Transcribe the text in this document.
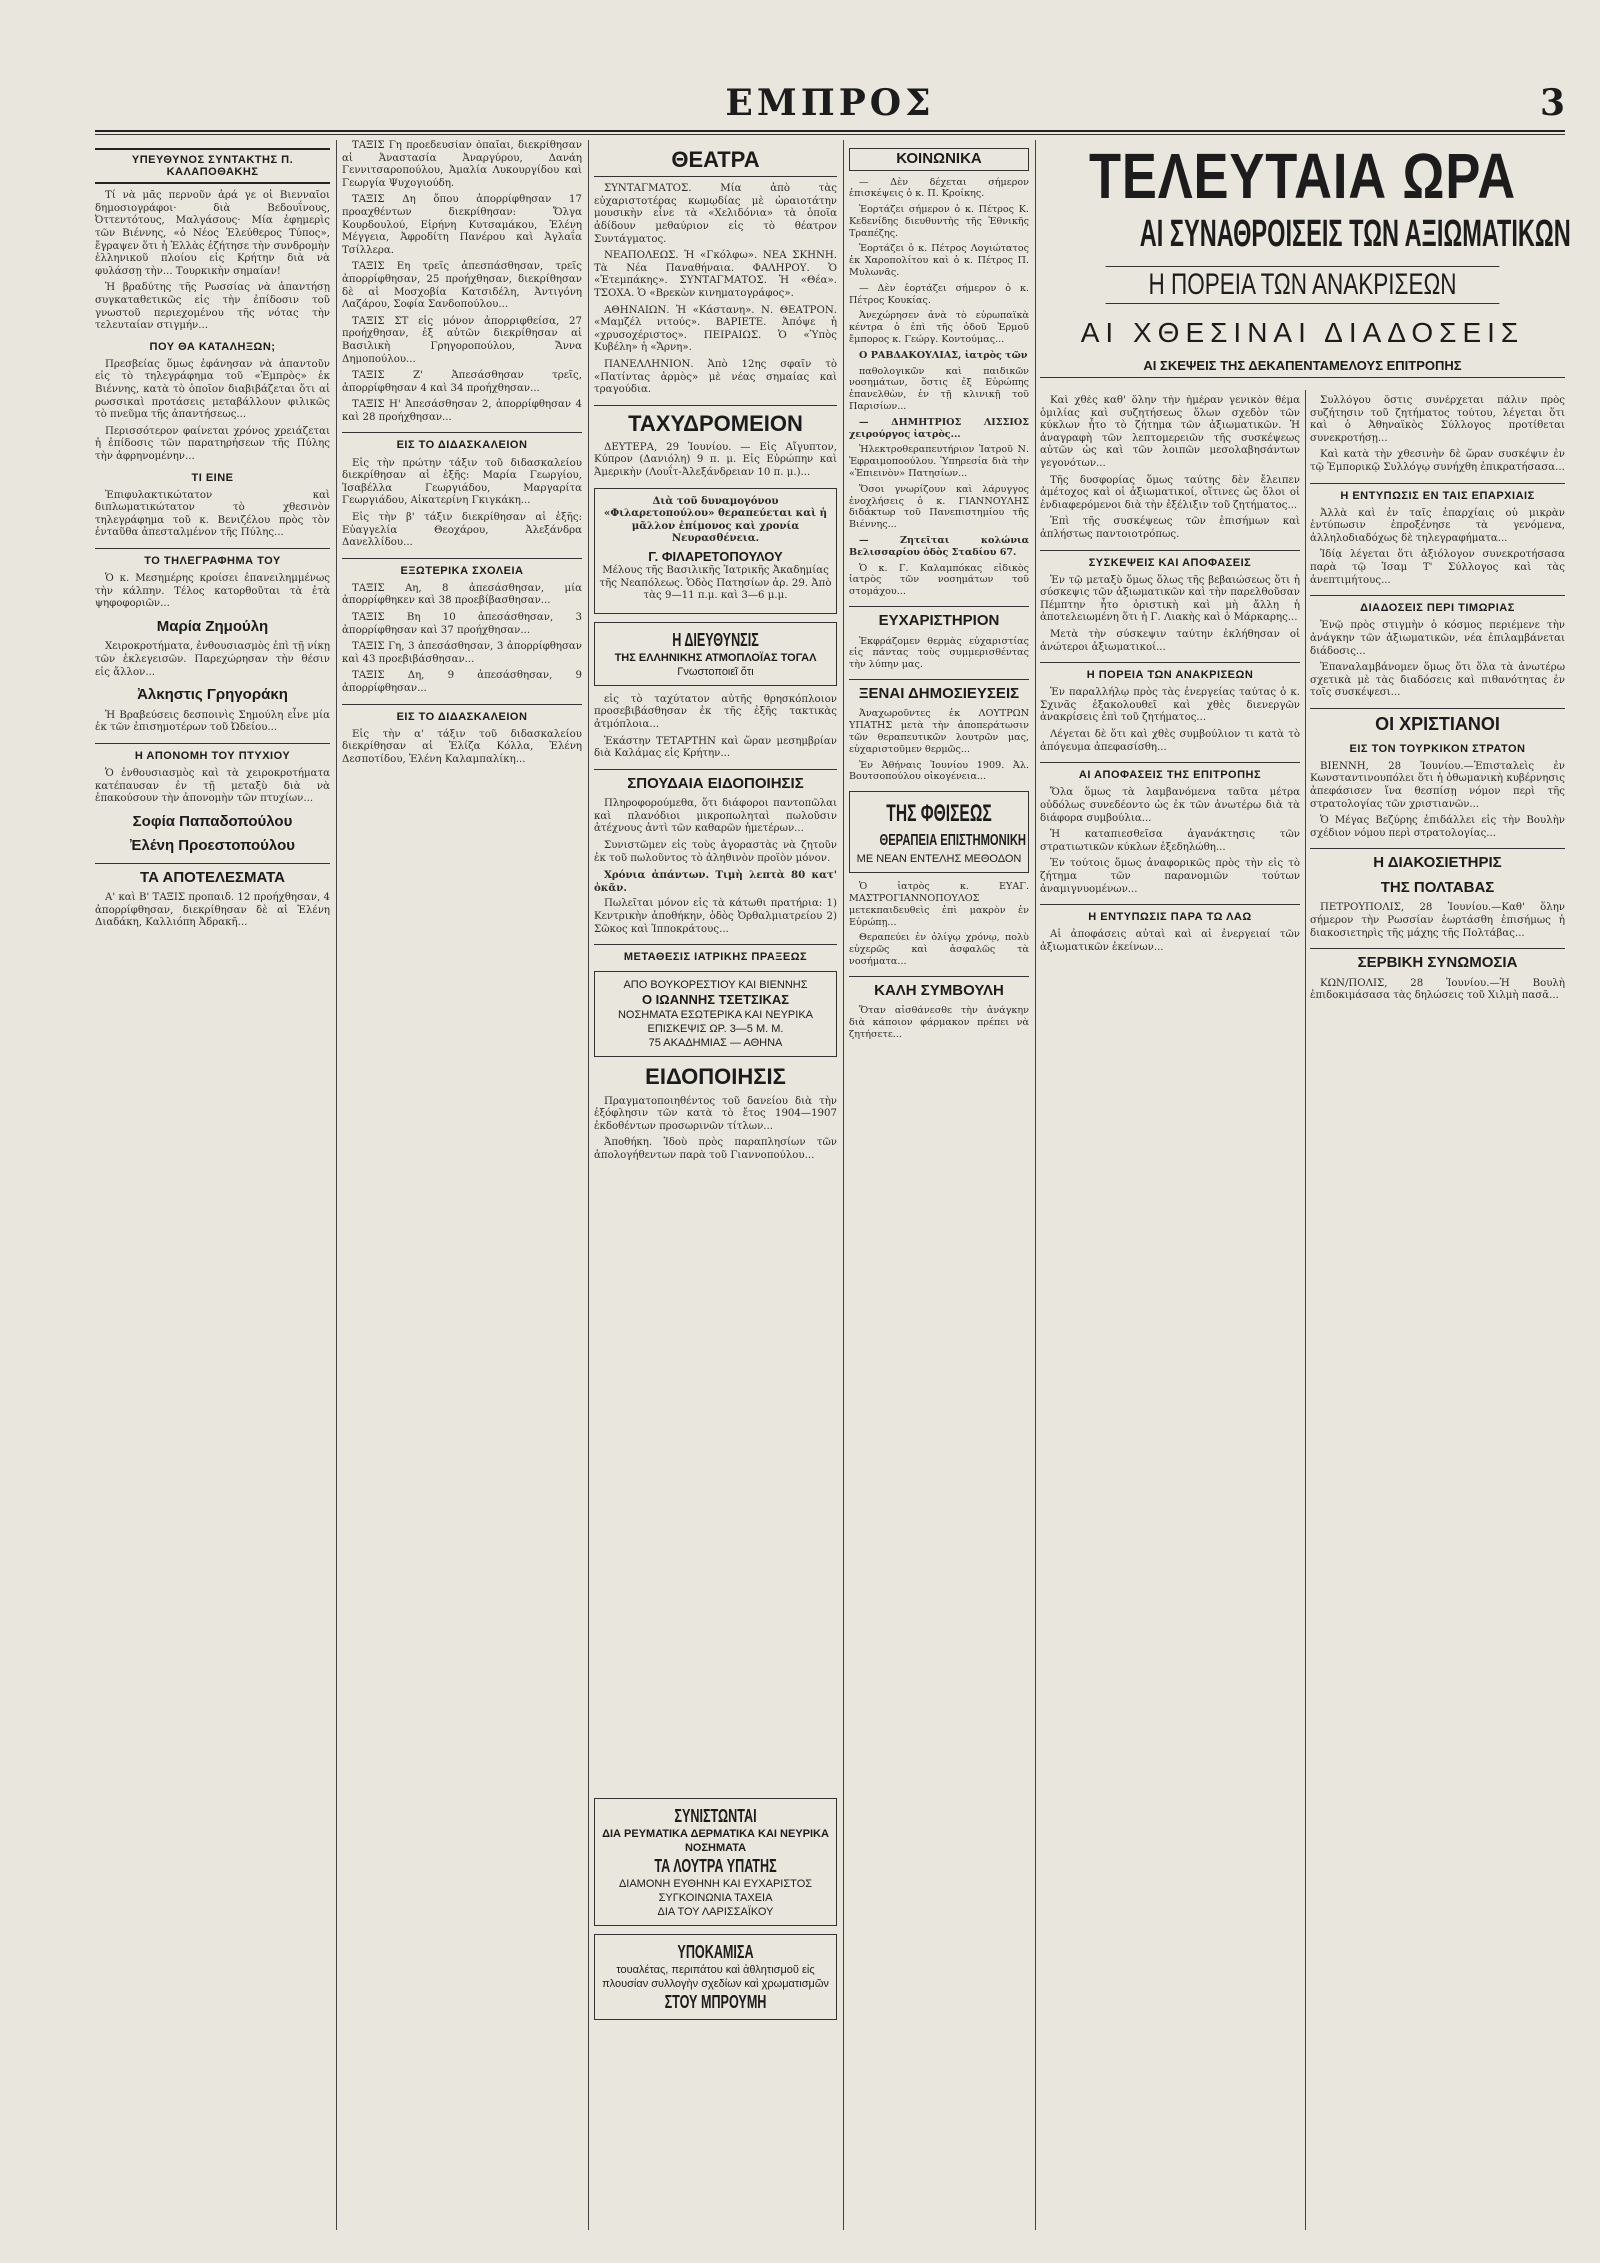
ΕΜΠΡΟΣ	3
ΥΠΕΥΘΥΝΟΣ ΣΥΝΤΑΚΤΗΣ Π. ΚΑΛΑΠΟΘΑΚΗΣ

Τί νὰ μᾶς περνοῦν ἀρά γε οἱ Βιενναῖοι δημοσιογράφοι· διὰ Βεδουΐνους, Ὀττεντότους, Μαλγάσους· Μία ἐφημερὶς τῶν Βιέννης, «ὁ Νέος Ἐλεύθερος Τύπος», ἔγραψεν ὅτι ἡ Ἑλλὰς ἐζήτησε τὴν συνδρομὴν ἑλληνικοῦ πλοίου εἰς Κρήτην διὰ νὰ φυλάσσῃ τὴν... Τουρκικὴν σημαίαν!

Ἡ βραδύτης τῆς Ρωσσίας νὰ ἀπαντήσῃ συγκαταθετικῶς εἰς τὴν ἐπίδοσιν τοῦ γνωστοῦ περιεχομένου τῆς νότας τὴν τελευταίαν στιγμήν...

ΠΟΥ ΘΑ ΚΑΤΑΛΗΞΩΝ;

Πρεσβείας ὅμως ἐφάνησαν νὰ ἀπαντοῦν εἰς τὸ τηλεγράφημα τοῦ «Ἐμπρὸς» ἐκ Βιέννης, κατὰ τὸ ὁποῖον διαβιβάζεται ὅτι αἱ ρωσσικαὶ προτάσεις μεταβάλλουν φιλικῶς τὸ πνεῦμα τῆς ἀπαντήσεως...

Περισσότερον φαίνεται χρόνος χρειάζεται ἡ ἐπίδοσις τῶν παρατηρήσεων τῆς Πύλης τὴν ἀφρηνομένην...

ΤΙ ΕΙΝΕ

Ἐπιφυλακτικώτατον καὶ διπλωματικώτατον τὸ χθεσινὸν τηλεγράφημα τοῦ κ. Βενιζέλου πρὸς τὸν ἐνταῦθα ἀπεσταλμένον τῆς Πύλης...

ΤΟ ΤΗΛΕΓΡΑΦΗΜΑ ΤΟΥ

Ὁ κ. Μεσημέρης κροίσει ἐπανειλημμένως τὴν κάλπην. Τέλος κατορθοῦται τὰ ἐτὰ ψηφοφοριῶν...

Μαρία Ζημούλη

Χειροκροτήματα, ἐνθουσιασμὸς ἐπὶ τῇ νίκῃ τῶν ἐκλεγεισῶν. Παρεχώρησαν τὴν θέσιν εἰς ἄλλον...

Ἀλκηστις Γρηγοράκη

Ἡ Βραβεύσεις δεσποινὶς Σημούλη εἶνε μία ἐκ τῶν ἐπισημοτέρων τοῦ Ὠδείου...

Η ΑΠΟΝΟΜΗ ΤΟΥ ΠΤΥΧΙΟΥ

Ὁ ἐνθουσιασμὸς καὶ τὰ χειροκροτήματα κατέπαυσαν ἐν τῇ μεταξὺ διὰ νὰ ἐπακούσουν τὴν ἀπονομὴν τῶν πτυχίων...

Σοφία Παπαδοπούλου
Ἐλένη Προεστοπούλου
ΤΑ ΑΠΟΤΕΛΕΣΜΑΤΑ

Α' καὶ Β' ΤΑΞΙΣ προπαιδ. 12 προήχθησαν, 4 ἀπορρίφθησαν, διεκρίθησαν δὲ αἱ Ἑλένη Διαδάκη, Καλλιόπη Ἀδρακῆ...

ΤΑΞΙΣ Γη προεδευσίαν ὁπαῖαι, διεκρίθησαν αἱ Ἀναστασία Ἀναργύρου, Δανάη Γεννιτσαροπούλου, Ἀμαλία Λυκουργίδου καὶ Γεωργία Ψυχογιούδη.

ΤΑΞΙΣ Δη ὄπου ἀπορρίφθησαν 17 προαχθέντων διεκρίθησαν: Ὄλγα Κουρδουλού, Εἰρήνη Κυτσαμάκου, Ἑλένη Μέγγεια, Ἀφροδίτη Πανέρου καὶ Ἀγλαΐα Τσίλλερα.

ΤΑΞΙΣ Εη τρεῖς ἀπεσπάσθησαν, τρεῖς ἀπορρίφθησαν, 25 προήχθησαν, διεκρίθησαν δὲ αἱ Μοσχοβία Κατσιδέλη, Ἀντιγόνη Λαζάρου, Σοφία Σανδοπούλου...

ΤΑΞΙΣ ΣΤ εἰς μόνον ἀπορριφθείσα, 27 προήχθησαν, ἐξ αὐτῶν διεκρίθησαν αἱ Βασιλικὴ Γρηγοροπούλου, Ἄννα Δημοπούλου...

ΤΑΞΙΣ Ζ' Ἀπεσάσθησαν τρεῖς, ἀπορρίφθησαν 4 καὶ 34 προήχθησαν...

ΤΑΞΙΣ Η' Ἀπεσάσθησαν 2, ἀπορρίφθησαν 4 καὶ 28 προήχθησαν...

ΕΙΣ ΤΟ ΔΙΔΑΣΚΑΛΕΙΟΝ

Εἰς τὴν πρώτην τάξιν τοῦ διδασκαλείου διεκρίθησαν αἱ ἑξῆς: Μαρία Γεωργίου, Ἰσαβέλλα Γεωργιάδου, Μαργαρίτα Γεωργιάδου, Αἰκατερίνη Γκιγκάκη...

Εἰς τὴν β' τάξιν διεκρίθησαν αἱ ἑξῆς: Εὐαγγελία Θεοχάρου, Ἀλεξάνδρα Δανελλίδου...

ΕΞΩΤΕΡΙΚΑ ΣΧΟΛΕΙΑ

ΤΑΞΙΣ Αη, 8 ἀπεσάσθησαν, μία ἀπορρίφθηκεν καὶ 38 προεβίβασθησαν...

ΤΑΞΙΣ Βη 10 ἀπεσάσθησαν, 3 ἀπορρίφθησαν καὶ 37 προήχθησαν...

ΤΑΞΙΣ Γη, 3 ἀπεσάσθησαν, 3 ἀπορρίφθησαν καὶ 43 προεβιβάσθησαν...

ΤΑΞΙΣ Δη, 9 ἀπεσάσθησαν, 9 ἀπορρίφθησαν...

ΕΙΣ ΤΟ ΔΙΔΑΣΚΑΛΕΙΟΝ

Εἰς τὴν α' τάξιν τοῦ διδασκαλείου διεκρίθησαν αἱ Ἑλίζα Κόλλα, Ἑλένη Δεσποτίδου, Ἑλένη Καλαμπαλίκη...

ΘΕΑΤΡΑ

ΣΥΝΤΑΓΜΑΤΟΣ. Μία ἀπὸ τὰς εὐχαριστοτέρας κωμῳδίας μὲ ὡραιοτάτην μουσικὴν εἶνε τὰ «Χελιδόνια» τὰ ὁποῖα ἀδίδουν μεθαύριον εἰς τὸ θέατρον Συντάγματος.

ΝΕΑΠΟΛΕΩΣ. Ἡ «Γκόλφω». ΝΕΑ ΣΚΗΝΗ. Τὰ Νέα Παναθήναια. ΦΑΛΗΡΟΥ. Ὁ «Ἐτεμπάκης». ΣΥΝΤΑΓΜΑΤΟΣ. Ἡ «Θέα». ΤΣΟΧΑ. Ὁ «Βρεκὼν κινηματογράφος».

ΑΘΗΝΑΙΩΝ. Ἡ «Κάστανη». Ν. ΘΕΑΤΡΟΝ. «Μαμζέλ νιτούς». ΒΑΡΙΕΤΕ. Ἀπόψε ἡ «χρυσοχέριστος». ΠΕΙΡΑΙΩΣ. Ὁ «Ὑπὸς Κυβέλη» ἡ «Ἄρνη».

ΠΑΝΕΛΛΗΝΙΟΝ. Ἀπὸ 12ης σφαῖν τὸ «Πατίντας ἁρμὸς» μὲ νέας σημαίας καὶ τραγούδια.

ΤΑΧΥΔΡΟΜΕΙΟΝ

ΔΕΥΤΕΡΑ, 29 Ἰουνίου. — Εἰς Αἴγυπτον, Κύπρον (Δανιόλη) 9 π. μ. Εἰς Εὐρώπην καὶ Ἀμερικὴν (Λουΐτ-Ἀλεξάνδρειαν 10 π. μ.)...

Διὰ τοῦ δυναμογόνου «Φιλαρετοπούλου» θεραπεύεται καὶ ἡ μᾶλλον ἐπίμονος καὶ χρονία Νευρασθένεια.

Γ. ΦΙΛΑΡΕΤΟΠΟΥΛΟΥ

Μέλους τῆς Βασιλικῆς Ἰατρικῆς Ἀκαδημίας τῆς Νεαπόλεως. Ὁδὸς Πατησίων ἀρ. 29. Ἀπὸ τὰς 9—11 π.μ. καὶ 3—6 μ.μ.

Η ΔΙΕΥΘΥΝΣΙΣ
ΤΗΣ ΕΛΛΗΝΙΚΗΣ ΑΤΜΟΠΛΟΪΑΣ ΤΟΓΑΛ
Γνωστοποιεῖ ὅτι

εἰς τὸ ταχύτατον αὐτῆς θρησκόπλοιον προσεβιβάσθησαν ἐκ τῆς ἐξῆς τακτικὰς ἀτμόπλοια...

Ἑκάστην ΤΕΤΑΡΤΗΝ καὶ ὥραν μεσημβρίαν διὰ Καλάμας εἰς Κρήτην...

ΣΠΟΥΔΑΙΑ ΕΙΔΟΠΟΙΗΣΙΣ

Πληροφορούμεθα, ὅτι διάφοροι παντοπῶλαι καὶ πλανόδιοι μικροπωληταὶ πωλοῦσιν ἀτέχνους ἀντὶ τῶν καθαρῶν ἡμετέρων...

Συνιστῶμεν εἰς τοὺς ἀγοραστὰς νὰ ζητοῦν ἐκ τοῦ πωλοῦντος τὸ ἀληθινὸν προϊὸν μόνον.

Χρόνια ἀπάντων. Τιμὴ λεπτὰ 80 κατ' ὀκᾶν.

Πωλεῖται μόνον εἰς τὰ κάτωθι πρατήρια: 1) Κεντρικὴν ἀποθήκην, ὁδὸς Ὀρθαλμιατρείου 2) Σῶκος καὶ Ἱπποκράτους...

ΜΕΤΑΘΕΣΙΣ ΙΑΤΡΙΚΗΣ ΠΡΑΞΕΩΣ
ΑΠΟ ΒΟΥΚΟΡΕΣΤΙΟΥ ΚΑΙ ΒΙΕΝΝΗΣ
Ο ΙΩΑΝΝΗΣ ΤΣΕΤΣΙΚΑΣ
ΝΟΣΗΜΑΤΑ ΕΣΩΤΕΡΙΚΑ ΚΑΙ ΝΕΥΡΙΚΑ
ΕΠΙΣΚΕΨΙΣ ΩΡ. 3—5 Μ. Μ.
75 ΑΚΑΔΗΜΙΑΣ — ΑΘΗΝΑ
ΕΙΔΟΠΟΙΗΣΙΣ

Πραγματοποιηθέντος τοῦ δανείου διὰ τὴν ἐξόφλησιν τῶν κατὰ τὸ ἔτος 1904—1907 ἐκδοθέντων προσωρινῶν τίτλων...

Ἀποθήκη. Ἰδοὺ πρὸς παραπλησίων τῶν ἀπολογήθεντων παρὰ τοῦ Γιαννοπούλου...

ΣΥΝΙΣΤΩΝΤΑΙ
ΔΙΑ ΡΕΥΜΑΤΙΚΑ ΔΕΡΜΑΤΙΚΑ ΚΑΙ ΝΕΥΡΙΚΑ ΝΟΣΗΜΑΤΑ
ΤΑ ΛΟΥΤΡΑ ΥΠΑΤΗΣ
ΔΙΑΜΟΝΗ ΕΥΘΗΝΗ ΚΑΙ ΕΥΧΑΡΙΣΤΟΣ
ΣΥΓΚΟΙΝΩΝΙΑ ΤΑΧΕΙΑ
ΔΙΑ ΤΟΥ ΛΑΡΙΣΣΑΪΚΟΥ
ΥΠΟΚΑΜΙΣΑ
τουαλέτας, περιπάτου καὶ ἀθλητισμοῦ εἰς πλουσίαν συλλογὴν σχεδίων καὶ χρωματισμῶν
ΣΤΟΥ ΜΠΡΟΥΜΗ
ΚΟΙΝΩΝΙΚΑ

— Δὲν δέχεται σήμερον ἐπισκέψεις ὁ κ. Π. Κροίκης.

Ἑορτάζει σήμερον ὁ κ. Πέτρος Κ. Κεδενίδης διευθυντὴς τῆς Ἐθνικῆς Τραπέζης.

Ἑορτάζει ὁ κ. Πέτρος Λογιώτατος ἐκ Χαροπολίτου καὶ ὁ κ. Πέτρος Π. Μυλωνᾶς.

— Δὲν ἑορτάζει σήμερον ὁ κ. Πέτρος Κουκίας.

Ἀνεχώρησεν ἀνὰ τὸ εὐρωπαϊκὰ κέντρα ὁ ἐπὶ τῆς ὁδοῦ Ἑρμοῦ ἔμπορος κ. Γεώργ. Κοντούμας...

Ο ΡΑΒΔΑΚΟΥΛΙΑΣ, ἰατρὸς τῶν

παθολογικῶν καὶ παιδικῶν νοσημάτων, ὅστις ἐξ Εὐρώπης ἐπανελθὼν, ἐν τῇ κλινικῇ τοῦ Παρισίων...

— ΔΗΜΗΤΡΙΟΣ ΛΙΣΣΙΟΣ χειρούργος ἰατρὸς...

Ἠλεκτροθεραπευτήριον Ἰατροῦ Ν. Ἐφραιμοποούλου. Ὑπηρεσία διὰ τὴν «Ἐπιεινὸν» Πατησίων...

Ὅσοι γνωρίζουν καὶ λάρυγγος ἐνοχλήσεις ὁ κ. ΓΙΑΝΝΟΥΛΗΣ διδάκτωρ τοῦ Πανεπιστημίου τῆς Βιέννης...

— Ζητεῖται κολώνια Βελισσαρίου ὁδὸς Σταδίου 67.

Ὁ κ. Γ. Καλαμπόκας εἰδικὸς ἰατρὸς τῶν νοσημάτων τοῦ στομάχου...

ΕΥΧΑΡΙΣΤΗΡΙΟΝ

Ἐκφράζομεν θερμὰς εὐχαριστίας εἰς πάντας τοὺς συμμερισθέντας τὴν λύπην μας.

ΞΕΝΑΙ ΔΗΜΟΣΙΕΥΣΕΙΣ

Ἀναχωροῦντες ἐκ ΛΟΥΤΡΩΝ ΥΠΑΤΗΣ μετὰ τὴν ἀποπεράτωσιν τῶν θεραπευτικῶν λουτρῶν μας, εὐχαριστοῦμεν θερμῶς...

Ἐν Ἀθήναις Ἰουνίου 1909. Ἀλ. Βουτσοπούλου οἰκογένεια...

ΤΗΣ ΦΘΙΣΕΩΣ
ΘΕΡΑΠΕΙΑ ΕΠΙΣΤΗΜΟΝΙΚΗ
ΜΕ ΝΕΑΝ ΕΝΤΕΛΗΣ ΜΕΘΟΔΟΝ

Ὁ ἰατρὸς κ. ΕΥΑΓ. ΜΑΣΤΡΟΓΙΑΝΝΟΠΟΥΛΟΣ μετεκπαιδευθεὶς ἐπὶ μακρὸν ἐν Εὐρώπῃ...

Θεραπεύει ἐν ὀλίγῳ χρόνῳ, πολὺ εὐχερῶς καὶ ἀσφαλῶς τὰ νοσήματα...

ΚΑΛΗ ΣΥΜΒΟΥΛΗ

Ὅταν αἰσθάνεσθε τὴν ἀνάγκην διὰ κάποιον φάρμακον πρέπει νὰ ζητήσετε...

ΤΕΛΕΥΤΑΙΑ ΩΡΑ
ΑΙ ΣΥΝΑΘΡΟΙΣΕΙΣ ΤΩΝ ΑΞΙΩΜΑΤΙΚΩΝ
Η ΠΟΡΕΙΑ ΤΩΝ ΑΝΑΚΡΙΣΕΩΝ
ΑΙ ΧΘΕΣΙΝΑΙ ΔΙΑΔΟΣΕΙΣ
ΑΙ ΣΚΕΨΕΙΣ ΤΗΣ ΔΕΚΑΠΕΝΤΑΜΕΛΟΥΣ ΕΠΙΤΡΟΠΗΣ

Καὶ χθὲς καθ' ὅλην τὴν ἡμέραν γενικὸν θέμα ὁμιλίας καὶ συζητήσεως ὅλων σχεδὸν τῶν κύκλων ἦτο τὸ ζήτημα τῶν ἀξιωματικῶν. Ἡ ἀναγραφὴ τῶν λεπτομερειῶν τῆς συσκέψεως αὐτῶν ὡς καὶ τῶν λοιπῶν μεσολαβησάντων γεγονότων...

Τῆς δυσφορίας ὅμως ταύτης δὲν ἔλειπεν ἀμέτοχος καὶ οἱ ἀξιωματικοί, οἵτινες ὡς ὅλοι οἱ ἐνδιαφερόμενοι διὰ τὴν ἐξέλιξιν τοῦ ζητήματος...

Ἐπὶ τῆς συσκέψεως τῶν ἐπισήμων καὶ ἀπλήστως παντοιοτρόπως.

ΣΥΣΚΕΨΕΙΣ ΚΑΙ ΑΠΟΦΑΣΕΙΣ

Ἐν τῷ μεταξὺ ὅμως ὅλως τῆς βεβαιώσεως ὅτι ἡ σύσκεψις τῶν ἀξιωματικῶν καὶ τὴν παρελθοῦσαν Πέμπτην ἦτο ὁριστικὴ καὶ μὴ ἄλλη ἡ ἀποτελειωμένη ὅτι ἡ Γ. Λιακὴς καὶ ὁ Μάρκαρης...

Μετὰ τὴν σύσκεψιν ταύτην ἐκλήθησαν οἱ ἀνώτεροι ἀξιωματικοί...

Η ΠΟΡΕΙΑ ΤΩΝ ΑΝΑΚΡΙΣΕΩΝ

Ἐν παραλλήλῳ πρὸς τὰς ἐνεργείας ταύτας ὁ κ. Σχινᾶς ἐξακολουθεῖ καὶ χθὲς διενεργῶν ἀνακρίσεις ἐπὶ τοῦ ζητήματος...

Λέγεται δὲ ὅτι καὶ χθὲς συμβούλιον τι κατὰ τὸ ἀπόγευμα ἀπεφασίσθη...

ΑΙ ΑΠΟΦΑΣΕΙΣ ΤΗΣ ΕΠΙΤΡΟΠΗΣ

Ὅλα ὅμως τὰ λαμβανόμενα ταῦτα μέτρα οὐδόλως συνεδέοντο ὡς ἐκ τῶν ἀνωτέρω διὰ τὰ διάφορα συμβούλια...

Ἡ καταπιεσθεῖσα ἀγανάκτησις τῶν στρατιωτικῶν κύκλων ἐξεδηλώθη...

Ἐν τούτοις ὅμως ἀναφορικῶς πρὸς τὴν εἰς τὸ ζήτημα τῶν παρανομιῶν τούτων ἀναμιγνυομένων...

Η ΕΝΤΥΠΩΣΙΣ ΠΑΡΑ ΤΩ ΛΑΩ

Αἱ ἀποφάσεις αὐταὶ καὶ αἱ ἐνεργειαί τῶν ἀξιωματικῶν ἐκείνων...

Συλλόγου ὅστις συνέρχεται πάλιν πρὸς συζήτησιν τοῦ ζητήματος τούτου, λέγεται ὅτι καὶ ὁ Ἀθηναϊκὸς Σύλλογος προτίθεται συνεκροτήσῃ...

Καὶ κατὰ τὴν χθεσινὴν δὲ ὥραν συσκέψιν ἐν τῷ Ἐμπορικῷ Συλλόγῳ συνήχθη ἐπικρατήσασα...

Η ΕΝΤΥΠΩΣΙΣ ΕΝ ΤΑΙΣ ΕΠΑΡΧΙΑΙΣ

Ἀλλὰ καὶ ἐν ταῖς ἐπαρχίαις οὐ μικρὰν ἐντύπωσιν ἐπροξένησε τὰ γενόμενα, ἀλληλοδιαδόχως δὲ τηλεγραφήματα...

Ἰδίᾳ λέγεται ὅτι ἀξιόλογον συνεκροτήσασα παρὰ τῷ Ἰσαμ Τ' Σύλλογος καὶ τὰς ἀνεπτιμήτους...

ΔΙΑΔΟΣΕΙΣ ΠΕΡΙ ΤΙΜΩΡΙΑΣ

Ἐνῷ πρὸς στιγμὴν ὁ κόσμος περιέμενε τὴν ἀνάγκην τῶν ἀξιωματικῶν, νέα ἐπιλαμβάνεται διάδοσις...

Ἐπαναλαμβάνομεν ὅμως ὅτι ὅλα τὰ ἀνωτέρω σχετικὰ μὲ τὰς διαδόσεις καὶ πιθανότητας ἐν τοῖς συσκέψεσι...

ΟΙ ΧΡΙΣΤΙΑΝΟΙ
ΕΙΣ ΤΟΝ ΤΟΥΡΚΙΚΟΝ ΣΤΡΑΤΟΝ

ΒΙΕΝΝΗ, 28 Ἰουνίου.—Ἐπισταλεὶς ἐν Κωνσταντινουπόλει ὅτι ἡ ὀθωμανικὴ κυβέρνησις ἀπεφάσισεν ἵνα θεσπίσῃ νόμον περὶ τῆς στρατολογίας τῶν χριστιανῶν...

Ὁ Μέγας Βεζύρης ἐπιδάλλει εἰς τὴν Βουλὴν σχέδιον νόμου περὶ στρατολογίας...

Η ΔΙΑΚΟΣΙΕΤΗΡΙΣ
ΤΗΣ ΠΟΛΤΑΒΑΣ

ΠΕΤΡΟΥΠΟΛΙΣ, 28 Ἰουνίου.—Καθ' ὅλην σήμερον τὴν Ρωσσίαν ἑωρτάσθη ἐπισήμως ἡ διακοσιετηρὶς τῆς μάχης τῆς Πολτάβας...

ΣΕΡΒΙΚΗ ΣΥΝΩΜΟΣΙΑ

ΚΩΝ/ΠΟΛΙΣ, 28 Ἰουνίου.—Ἡ Βουλὴ ἐπιδοκιμάσασα τὰς δηλώσεις τοῦ Χιλμὴ πασᾶ...
